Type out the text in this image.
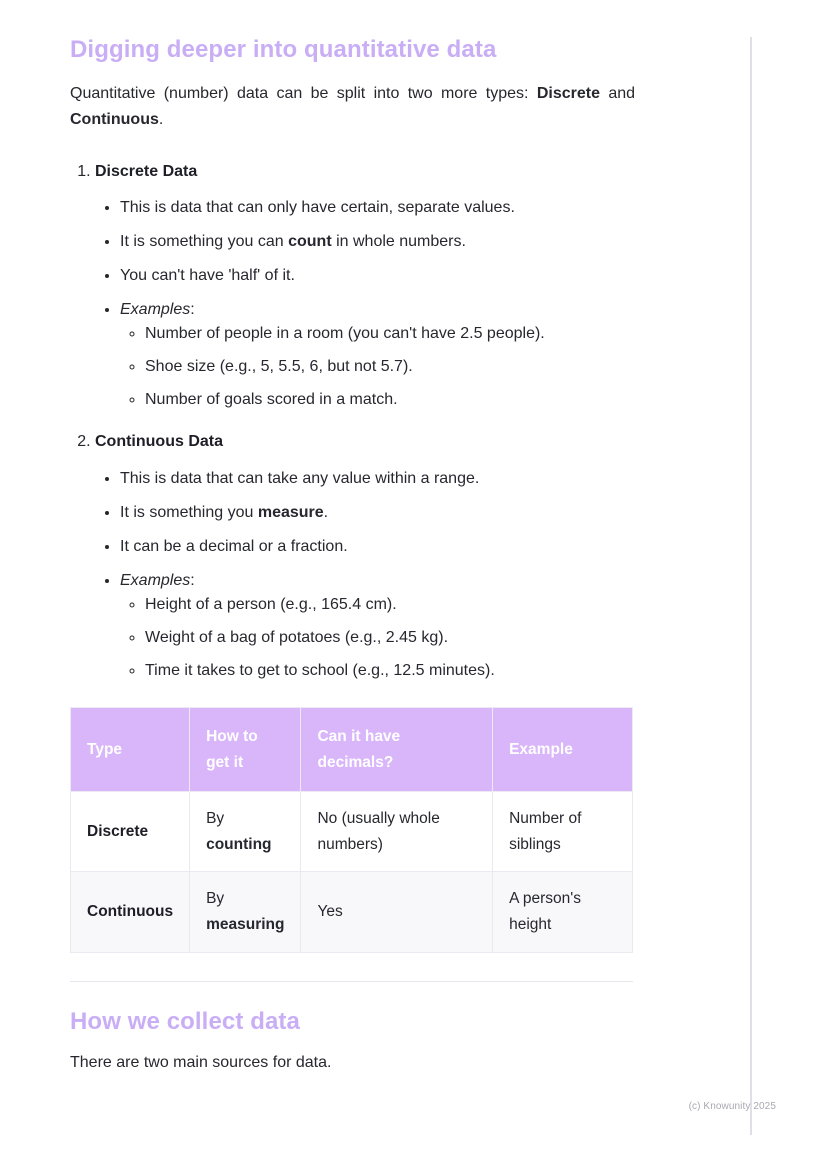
Digging deeper into quantitative data

Quantitative (number) data can be split into two more types: Discrete and Continuous.

1. Discrete Data
• This is data that can only have certain, separate values.
• It is something you can count in whole numbers.
• You can't have 'half' of it.
• Examples:
◦ Number of people in a room (you can't have 2.5 people).
◦ Shoe size (e.g., 5, 5.5, 6, but not 5.7).
◦ Number of goals scored in a match.
2. Continuous Data
• This is data that can take any value within a range.
• It is something you measure.
• It can be a decimal or a fraction.
• Examples:
◦ Height of a person (e.g., 165.4 cm).
◦ Weight of a bag of potatoes (e.g., 2.45 kg).
◦ Time it takes to get to school (e.g., 12.5 minutes).
Type	How to get it	Can it have decimals?	Example
Discrete	By counting	No (usually whole numbers)	Number of siblings
Continuous	By measuring	Yes	A person's height
How we collect data

There are two main sources for data.

(c) Knowunity 2025
